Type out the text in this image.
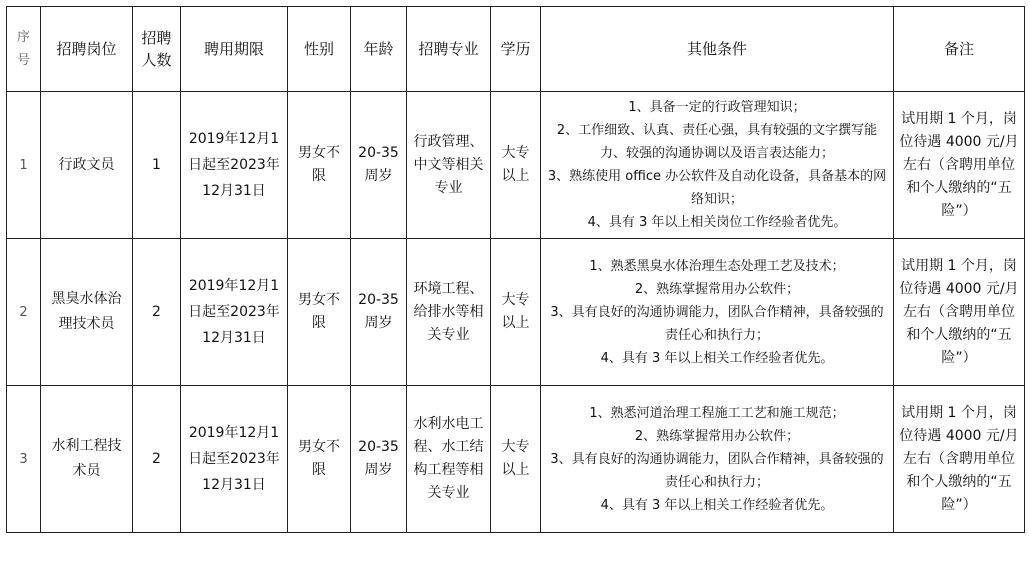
序号	招聘岗位	招聘人数	聘用期限	性别	年龄	招聘专业	学历	其他条件	备注
1	行政文员	1	2019年12月1日起至2023年12月31日	男女不限	20-35周岁	行政管理、中文等相关专业	大专以上	1、具备一定的行政管理知识；
2、工作细致、认真、责任心强，具有较强的文字撰写能力、较强的沟通协调以及语言表达能力；
3、熟练使用 office 办公软件及自动化设备，具备基本的网络知识；
4、具有 3 年以上相关岗位工作经验者优先。	试用期 1 个月，岗位待遇 4000 元/月左右（含聘用单位和个人缴纳的“五险”）
2	黑臭水体治理技术员	2	2019年12月1日起至2023年12月31日	男女不限	20-35周岁	环境工程、给排水等相关专业	大专以上	1、熟悉黑臭水体治理生态处理工艺及技术；
2、熟练掌握常用办公软件；
3、具有良好的沟通协调能力，团队合作精神，具备较强的责任心和执行力；
4、具有 3 年以上相关工作经验者优先。	试用期 1 个月，岗位待遇 4000 元/月左右（含聘用单位和个人缴纳的“五险”）
3	水利工程技术员	2	2019年12月1日起至2023年12月31日	男女不限	20-35周岁	水利水电工程、水工结构工程等相关专业	大专以上	1、熟悉河道治理工程施工工艺和施工规范；
2、熟练掌握常用办公软件；
3、具有良好的沟通协调能力，团队合作精神，具备较强的责任心和执行力；
4、具有 3 年以上相关工作经验者优先。	试用期 1 个月，岗位待遇 4000 元/月左右（含聘用单位和个人缴纳的“五险”）
